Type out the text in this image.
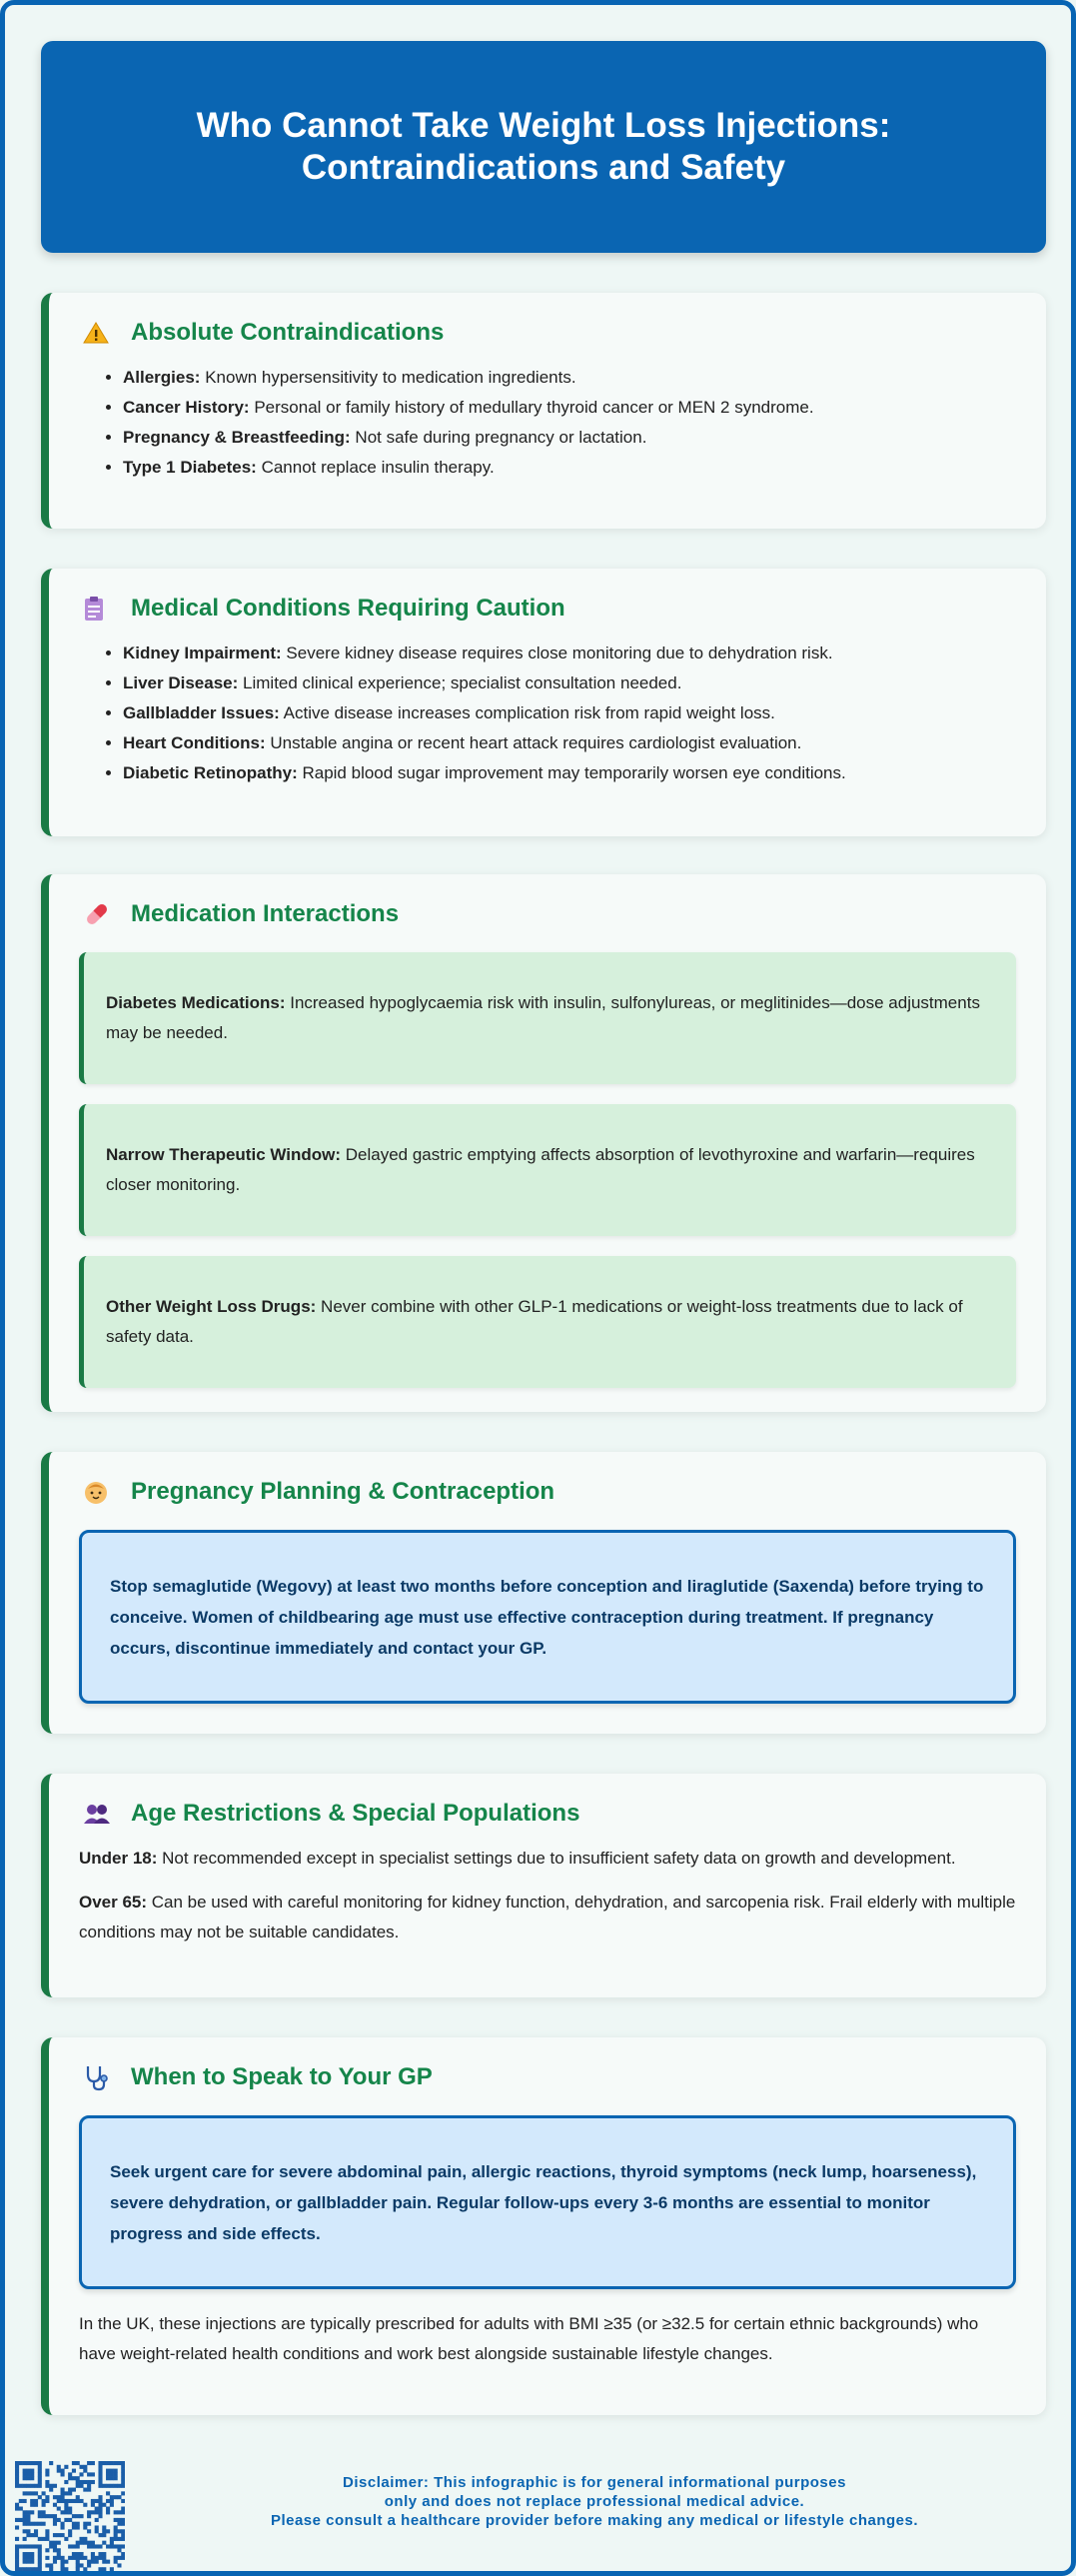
Who Cannot Take Weight Loss Injections:
Contraindications and Safety
Absolute Contraindications
• Allergies: Known hypersensitivity to medication ingredients.
• Cancer History: Personal or family history of medullary thyroid cancer or MEN 2 syndrome.
• Pregnancy & Breastfeeding: Not safe during pregnancy or lactation.
• Type 1 Diabetes: Cannot replace insulin therapy.
Medical Conditions Requiring Caution
• Kidney Impairment: Severe kidney disease requires close monitoring due to dehydration risk.
• Liver Disease: Limited clinical experience; specialist consultation needed.
• Gallbladder Issues: Active disease increases complication risk from rapid weight loss.
• Heart Conditions: Unstable angina or recent heart attack requires cardiologist evaluation.
• Diabetic Retinopathy: Rapid blood sugar improvement may temporarily worsen eye conditions.
Medication Interactions
Diabetes Medications: Increased hypoglycaemia risk with insulin, sulfonylureas, or meglitinides—dose adjustments may be needed.
Narrow Therapeutic Window: Delayed gastric emptying affects absorption of levothyroxine and warfarin—requires closer monitoring.
Other Weight Loss Drugs: Never combine with other GLP-1 medications or weight-loss treatments due to lack of safety data.
Pregnancy Planning & Contraception
Stop semaglutide (Wegovy) at least two months before conception and liraglutide (Saxenda) before trying to conceive. Women of childbearing age must use effective contraception during treatment. If pregnancy occurs, discontinue immediately and contact your GP.
Age Restrictions & Special Populations

Under 18: Not recommended except in specialist settings due to insufficient safety data on growth and development.

Over 65: Can be used with careful monitoring for kidney function, dehydration, and sarcopenia risk. Frail elderly with multiple conditions may not be suitable candidates.

When to Speak to Your GP
Seek urgent care for severe abdominal pain, allergic reactions, thyroid symptoms (neck lump, hoarseness), severe dehydration, or gallbladder pain. Regular follow-ups every 3-6 months are essential to monitor progress and side effects.

In the UK, these injections are typically prescribed for adults with BMI ≥35 (or ≥32.5 for certain ethnic backgrounds) who have weight-related health conditions and work best alongside sustainable lifestyle changes.

Disclaimer: This infographic is for general informational purposes
only and does not replace professional medical advice.
Please consult a healthcare provider before making any medical or lifestyle changes.
